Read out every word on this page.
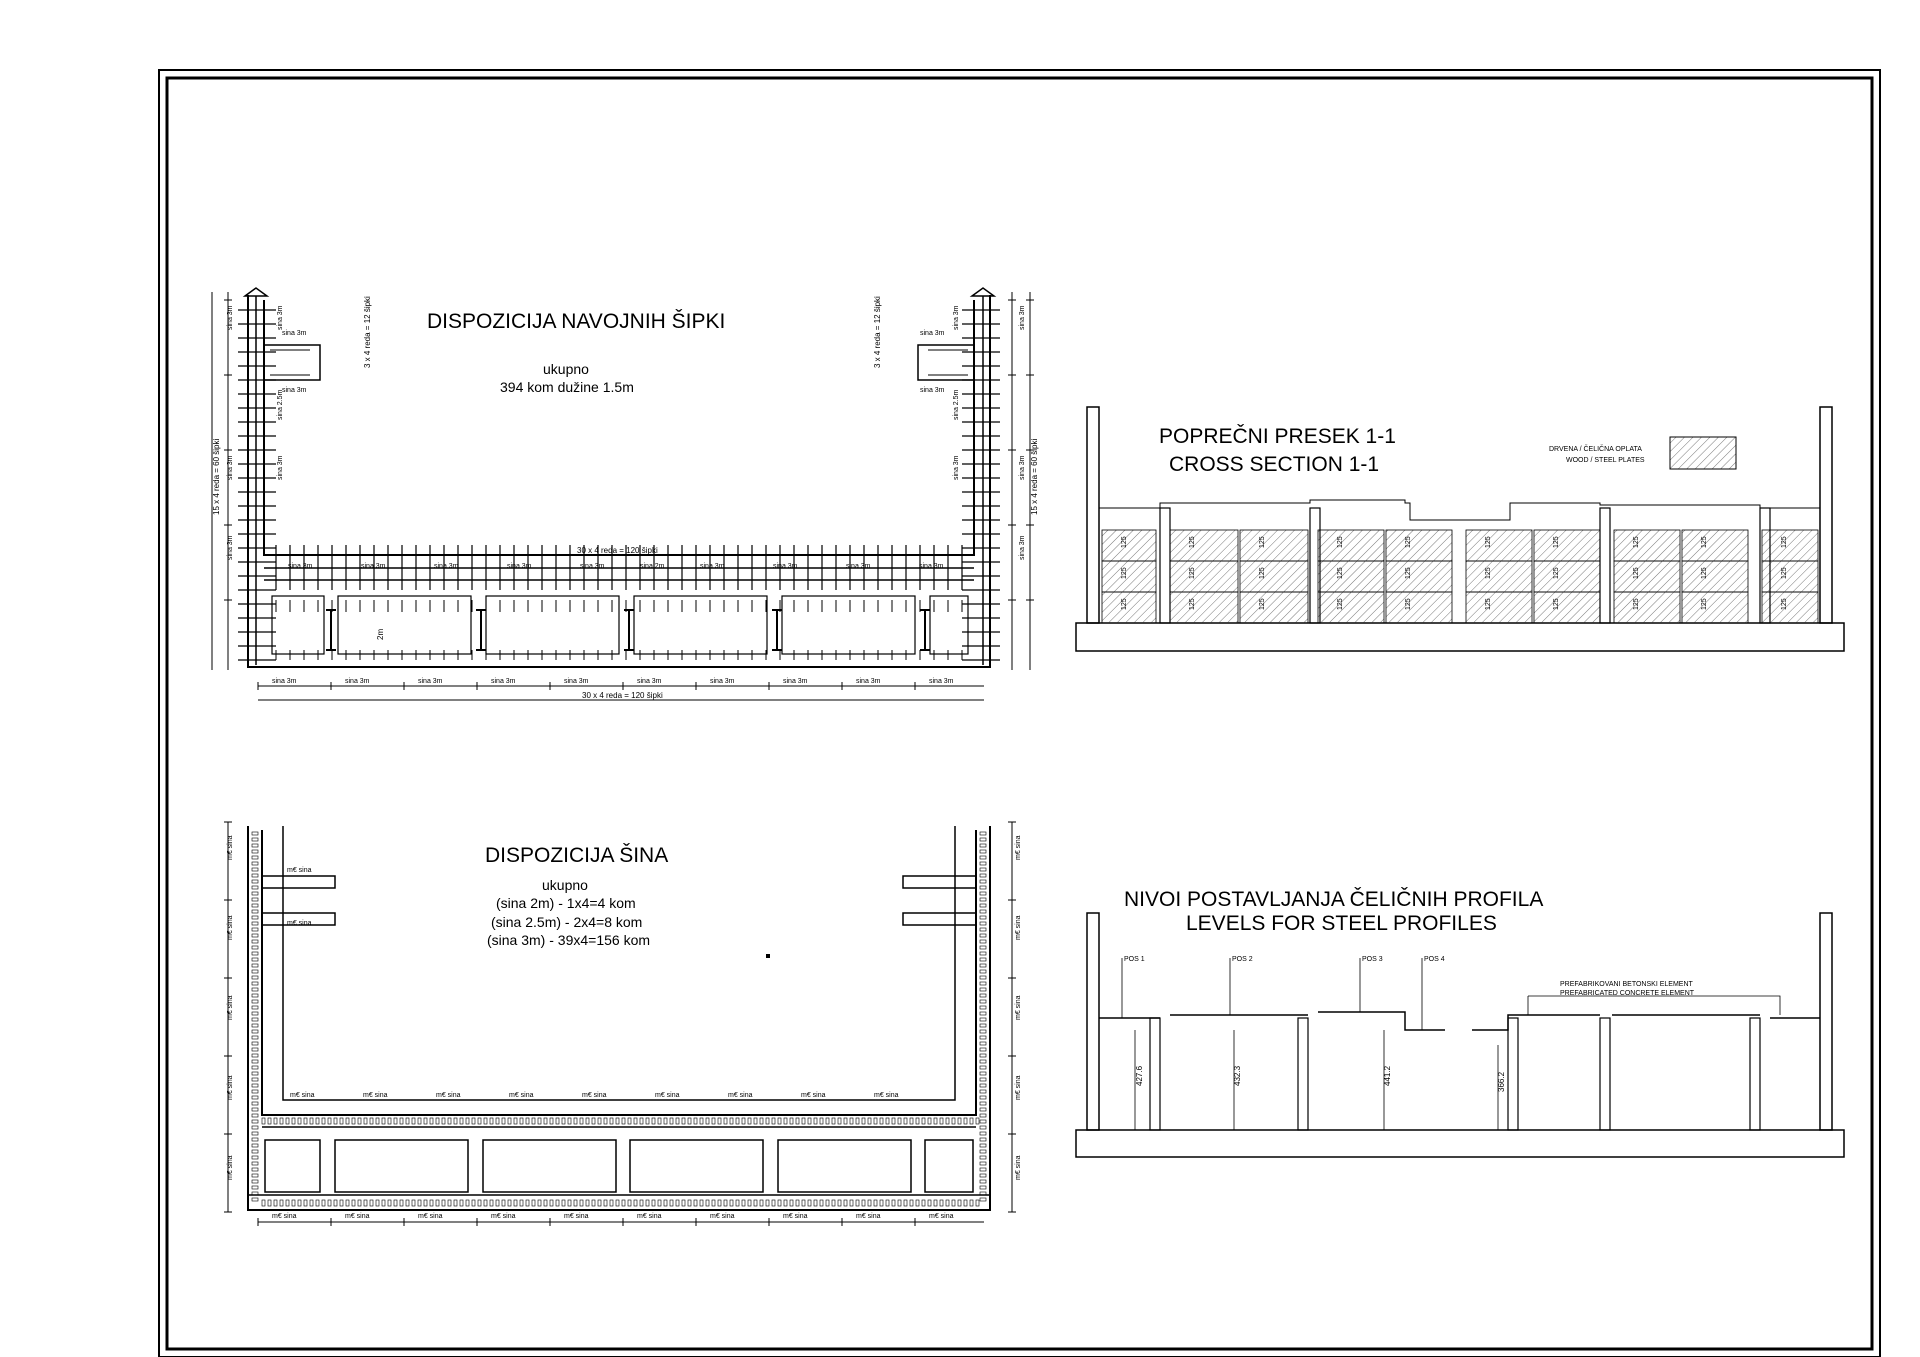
DISPOZICIJA NAVOJNIH ŠIPKI
ukupno
394 kom dužine 1.5m
30 x 4 reda = 120 šipki
30 x 4 reda = 120 šipki
15 x 4 reda = 60 šipki	15 x 4 reda = 60 šipki
3 x 4 reda = 12 šipki	3 x 4 reda = 12 šipki
2m
sina 2m
sina 2.5m	sina 2.5m
sina 3m	sina 3m	sina 3m	sina 3m	sina 3m	sina 3m	sina 3m	sina 3m	sina 3m
sina 3m	sina 3m	sina 3m	sina 3m	sina 3m	sina 3m	sina 3m	sina 3m	sina 3m	sina 3m
sina 3m	sina 3m
sina 3m	sina 3m
sina 3m	sina 3m
sina 3m	sina 3m
sina 3m	sina 3m
sina 3m	sina 3m
sina 3m	sina 3m
125
125
125
125
125
125
125
125
125
125
125
125
125
125
125
125
125
125
125
125
125
125
125
125
125
125
125
125
125
125
POPREČNI PRESEK 1-1
CROSS SECTION 1-1
DRVENA / ČELIČNA OPLATA
WOOD / STEEL PLATES
DISPOZICIJA ŠINA
ukupno
(sina 2m) - 1x4=4 kom
(sina 2.5m) - 2x4=8 kom
(sina 3m) - 39x4=156 kom
m€ sina	m€ sina	m€ sina	m€ sina	m€ sina	m€ sina	m€ sina	m€ sina	m€ sina
m€ sina	m€ sina	m€ sina	m€ sina	m€ sina	m€ sina	m€ sina	m€ sina	m€ sina	m€ sina
m€ sina
m€ sina
m€ sina	m€ sina
m€ sina	m€ sina
m€ sina	m€ sina
m€ sina	m€ sina
m€ sina	m€ sina
NIVOI POSTAVLJANJA ČELIČNIH PROFILA
LEVELS FOR STEEL PROFILES
POS 1	POS 2	POS 3	POS 4
PREFABRIKOVANI BETONSKI ELEMENT
PREFABRICATED CONCRETE ELEMENT
427.6	432.3	441.2	366.2
